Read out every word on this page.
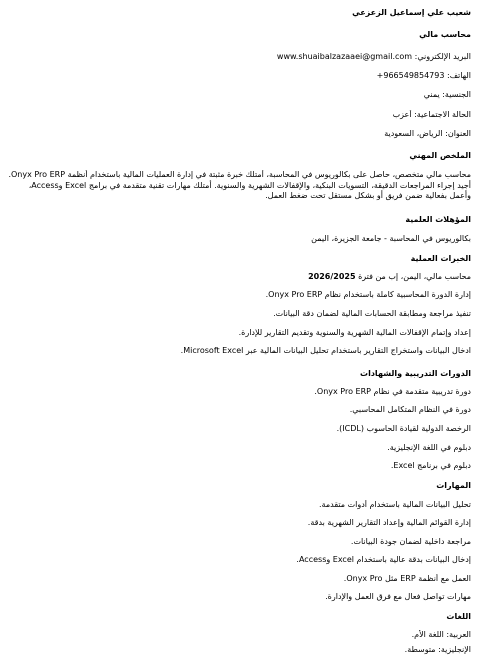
شعيب علي إسماعيل الزعزعي
محاسب مالي
البريد الإلكتروني: www.shuaibalzazaaei@gmail.com
الهاتف: +966549854793
الجنسية: يمني
الحالة الاجتماعية: أعزب
العنوان: الرياض، السعودية
الملخص المهني
محاسب مالي متخصص، حاصل على بكالوريوس في المحاسبة، أمتلك خبرة مثبتة في إدارة العمليات المالية باستخدام أنظمة Onyx Pro ERP. أجيد إجراء المراجعات الدقيقة، التسويات البنكية، والإقفالات الشهرية والسنوية. أمتلك مهارات تقنية متقدمة في برامج Excel وAccess، وأعمل بفعالية ضمن فريق أو بشكل مستقل تحت ضغط العمل.
المؤهلات العلمية
بكالوريوس في المحاسبة - جامعة الجزيرة، اليمن
الخبرات العملية
محاسب مالي، اليمن، إب من فترة 2026/2025
إدارة الدورة المحاسبية كاملة باستخدام نظام Onyx Pro ERP.
تنفيذ مراجعة ومطابقة الحسابات المالية لضمان دقة البيانات.
إعداد وإتمام الإقفالات المالية الشهرية والسنوية وتقديم التقارير للإدارة.
ادخال البيانات واستخراج التقارير باستخدام تحليل البيانات المالية عبر Microsoft Excel.
الدورات التدريبية والشهادات
دورة تدريبية متقدمة في نظام Onyx Pro ERP.
دورة في النظام المتكامل المحاسبي.
الرخصة الدولية لقيادة الحاسوب (ICDL).
دبلوم في اللغة الإنجليزية.
دبلوم في برنامج Excel.
المهارات
تحليل البيانات المالية باستخدام أدوات متقدمة.
إدارة القوائم المالية وإعداد التقارير الشهرية بدقة.
مراجعة داخلية لضمان جودة البيانات.
إدخال البيانات بدقة عالية باستخدام Excel وAccess.
العمل مع أنظمة ERP مثل Onyx Pro.
مهارات تواصل فعال مع فرق العمل والإدارة.
اللغات
العربية: اللغة الأم.
الإنجليزية: متوسطة.
